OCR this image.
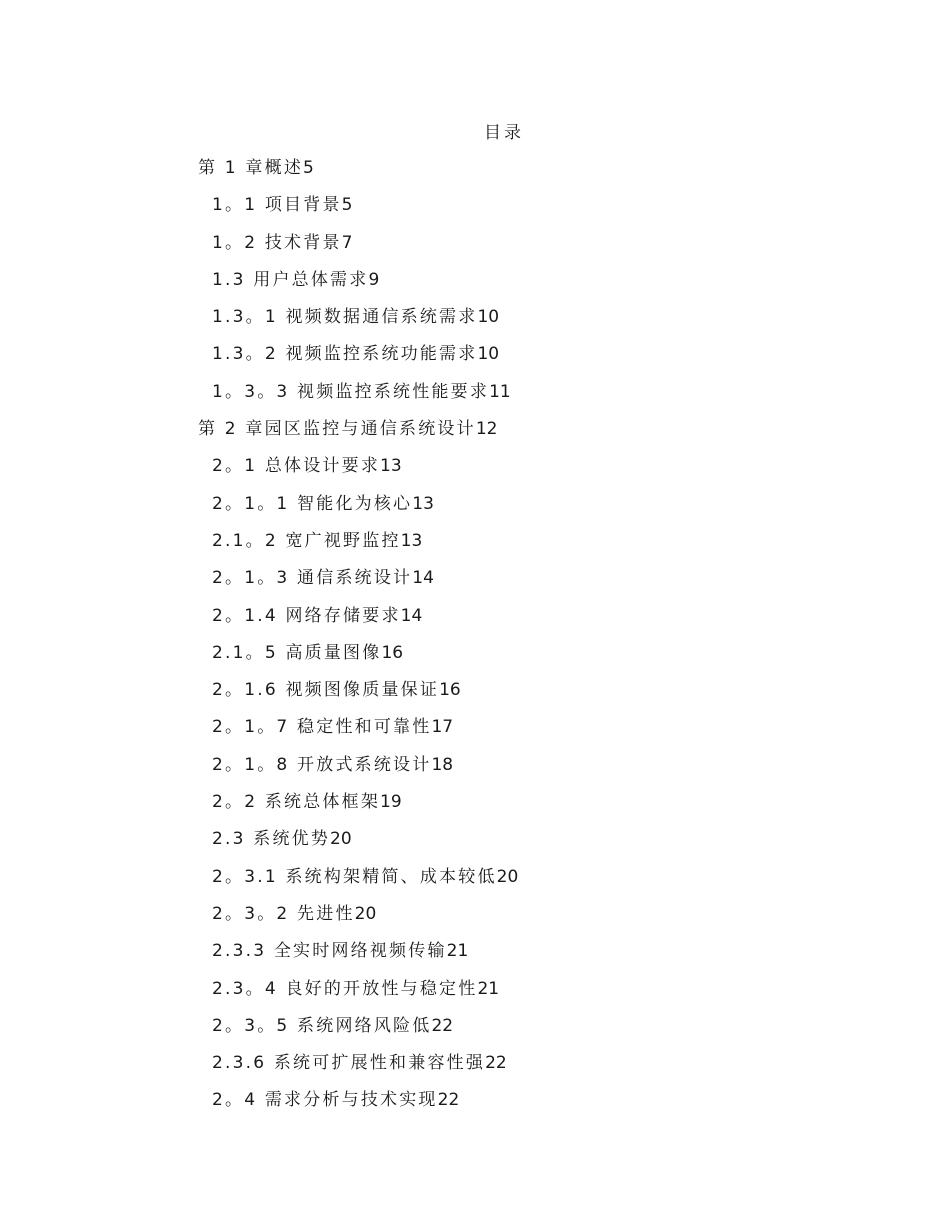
目录
第 1 章概述5
1。1 项目背景5
1。2 技术背景7
1.3 用户总体需求9
1.3。1 视频数据通信系统需求10
1.3。2 视频监控系统功能需求10
1。3。3 视频监控系统性能要求11
第 2 章园区监控与通信系统设计12
2。1 总体设计要求13
2。1。1 智能化为核心13
2.1。2 宽广视野监控13
2。1。3 通信系统设计14
2。1.4 网络存储要求14
2.1。5 高质量图像16
2。1.6 视频图像质量保证16
2。1。7 稳定性和可靠性17
2。1。8 开放式系统设计18
2。2 系统总体框架19
2.3 系统优势20
2。3.1 系统构架精简、成本较低20
2。3。2 先进性20
2.3.3 全实时网络视频传输21
2.3。4 良好的开放性与稳定性21
2。3。5 系统网络风险低22
2.3.6 系统可扩展性和兼容性强22
2。4 需求分析与技术实现22
